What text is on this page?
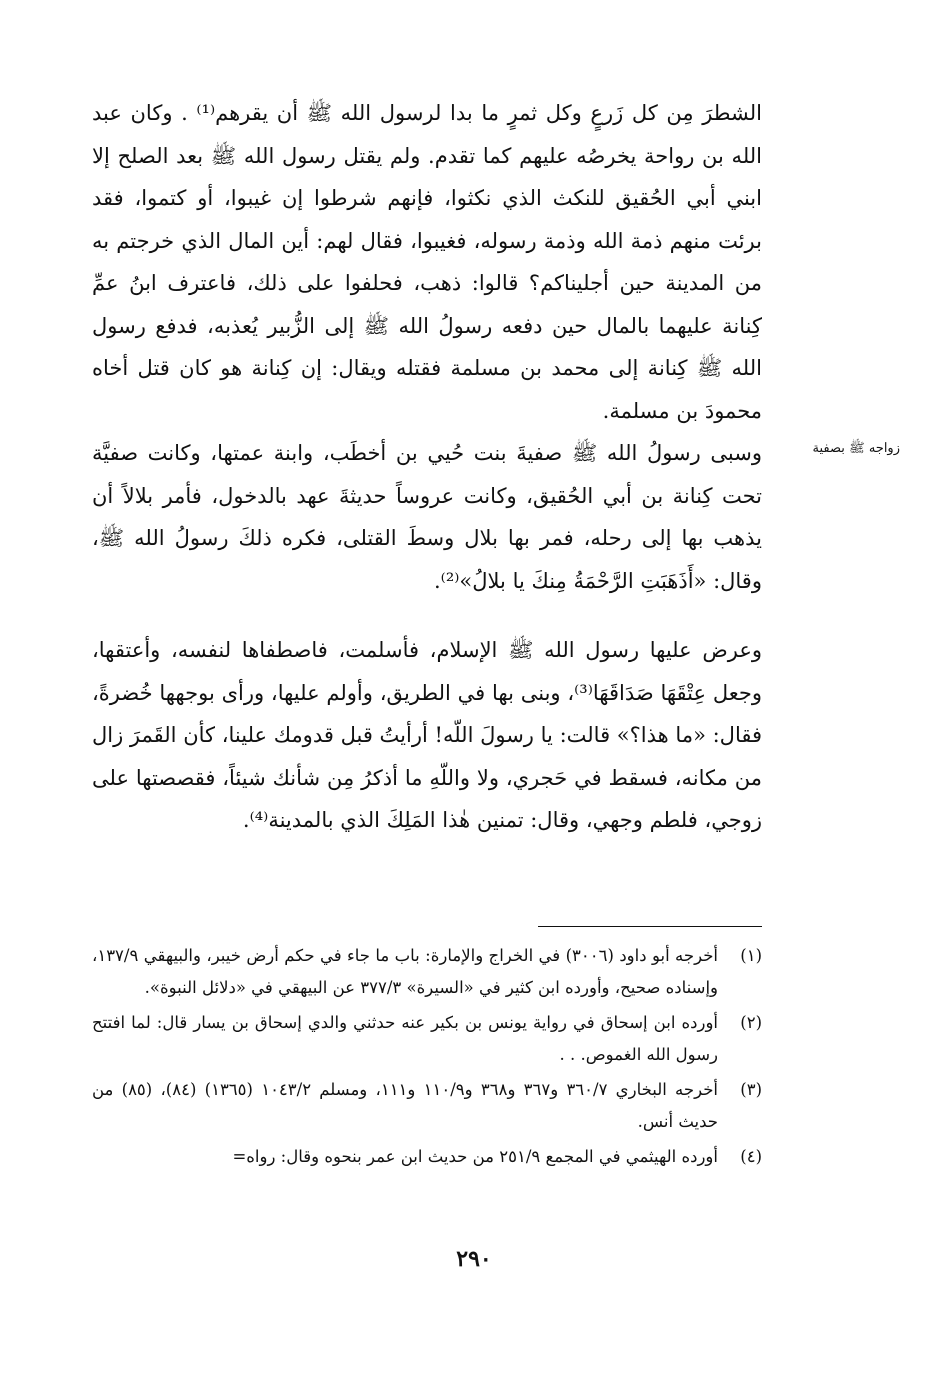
الشطرَ مِن كل زَرعٍ وكل ثمرٍ ما بدا لرسول الله ﷺ أن يقرهم⁽¹⁾ . وكان عبد الله بن رواحة يخرصُه عليهم كما تقدم. ولم يقتل رسول الله ﷺ بعد الصلح إلا ابني أبي الحُقيق للنكث الذي نكثوا، فإنهم شرطوا إن غيبوا، أو كتموا، فقد برئت منهم ذمة الله وذمة رسوله، فغيبوا، فقال لهم: أين المال الذي خرجتم به من المدينة حين أجليناكم؟ قالوا: ذهب، فحلفوا على ذلك، فاعترف ابنُ عمِّ كِنانة عليهما بالمال حين دفعه رسولُ الله ﷺ إلى الزُّبير يُعذبه، فدفع رسول الله ﷺ كِنانة إلى محمد بن مسلمة فقتله ويقال: إن كِنانة هو كان قتل أخاه محمودَ بن مسلمة.

زواجه ﷺ بصفية

وسبى رسولُ الله ﷺ صفيةَ بنت حُيي بن أخطَب، وابنة عمتها، وكانت صفيَّة تحت كِنانة بن أبي الحُقيق، وكانت عروساً حديثةَ عهد بالدخول، فأمر بلالاً أن يذهب بها إلى رحله، فمر بها بلال وسطَ القتلى، فكره ذلكَ رسولُ الله ﷺ، وقال: «أَذَهَبَتِ الرَّحْمَةُ مِنكَ يا بلالُ»⁽²⁾.

وعرض عليها رسول الله ﷺ الإسلام، فأسلمت، فاصطفاها لنفسه، وأعتقها، وجعل عِتْقَهَا صَدَاقَهَا⁽³⁾، وبنى بها في الطريق، وأولم عليها، ورأى بوجهها خُضرةً، فقال: «ما هذا؟» قالت: يا رسولَ اللّه! أرأيتُ قبل قدومك علينا، كأن القَمرَ زال من مكانه، فسقط في حَجري، ولا واللّهِ ما أذكرُ مِن شأنك شيئاً، فقصصتها على زوجي، فلطم وجهي، وقال: تمنين هٰذا المَلِكَ الذي بالمدينة⁽⁴⁾.

(١)
أخرجه أبو داود (٣٠٠٦) في الخراج والإمارة: باب ما جاء في حكم أرض خيبر، والبيهقي ١٣٧/٩، وإسناده صحيح، وأورده ابن كثير في «السيرة» ٣٧٧/٣ عن البيهقي في «دلائل النبوة».
(٢)
أورده ابن إسحاق في رواية يونس بن بكير عنه حدثني والدي إسحاق بن يسار قال: لما افتتح رسول الله الغموص. . .
(٣)
أخرجه البخاري ٣٦٠/٧ و٣٦٧ و٣٦٨ و١١٠/٩ و١١١، ومسلم ١٠٤٣/٢ (١٣٦٥) (٨٤)، (٨٥) من حديث أنس.
(٤)
أورده الهيثمي في المجمع ٢٥١/٩ من حديث ابن عمر بنحوه وقال: رواه=
٢٩٠
